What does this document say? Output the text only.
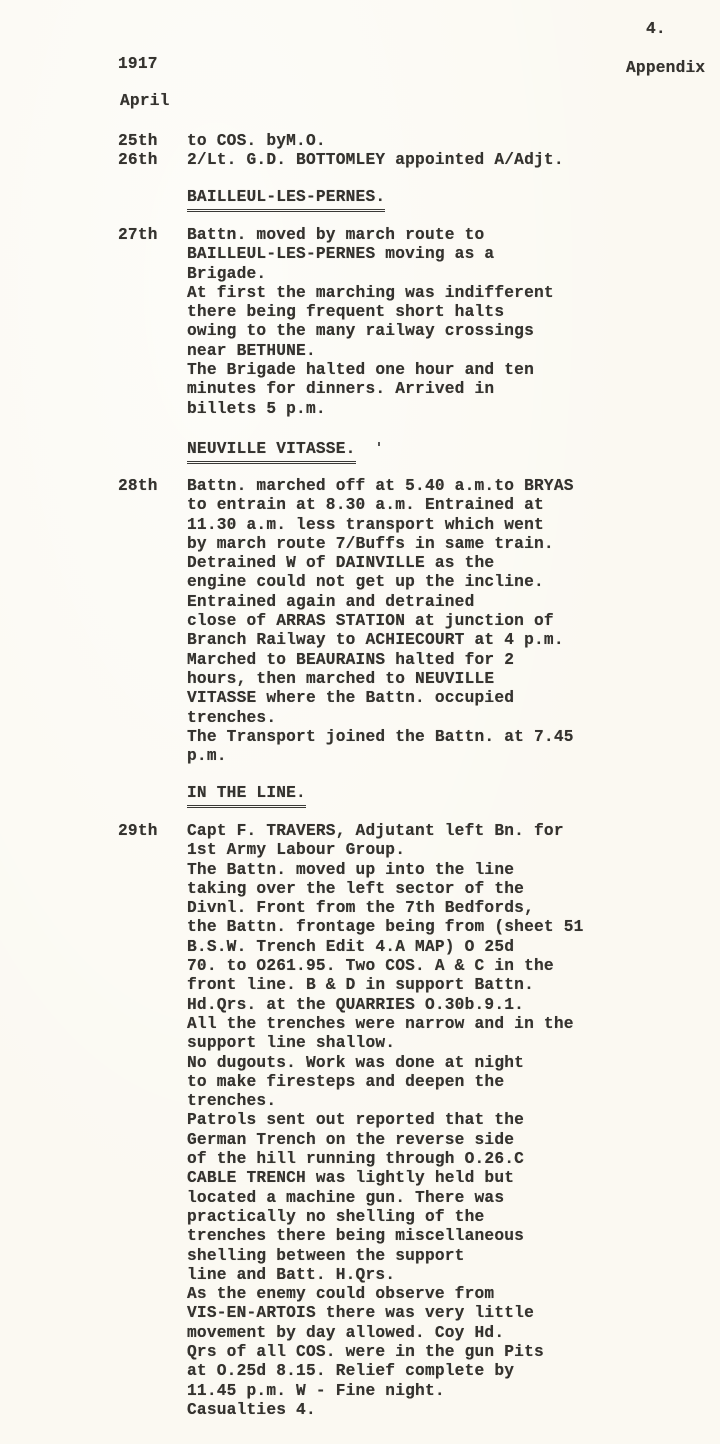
4.
1917	Appendix
April
25th to COS. byM.O.
26th 2/Lt. G.D. BOTTOMLEY appointed A/Adjt.
BAILLEUL-LES-PERNES.
27th Battn. moved by march route to
BAILLEUL-LES-PERNES moving as a
Brigade.
At first the marching was indifferent
there being frequent short halts
owing to the many railway crossings
near BETHUNE.
The Brigade halted one hour and ten
minutes for dinners. Arrived in
billets 5 p.m.
NEUVILLE VITASSE.
28th Battn. marched off at 5.40 a.m.to BRYAS
to entrain at 8.30 a.m. Entrained at
11.30 a.m. less transport which went
by march route 7/Buffs in same train.
Detrained W of DAINVILLE as the
engine could not get up the incline.
Entrained again and detrained
close of ARRAS STATION at junction of
Branch Railway to ACHIECOURT at 4 p.m.
Marched to BEAURAINS halted for 2
hours, then marched to NEUVILLE
VITASSE where the Battn. occupied
trenches.
The Transport joined the Battn. at 7.45
p.m.
IN THE LINE.
29th Capt F. TRAVERS, Adjutant left Bn. for
1st Army Labour Group.
The Battn. moved up into the line
taking over the left sector of the
Divnl. Front from the 7th Bedfords,
the Battn. frontage being from (sheet 51
B.S.W. Trench Edit 4.A MAP) O 25d
70. to O261.95. Two COS. A & C in the
front line. B & D in support Battn.
Hd.Qrs. at the QUARRIES O.30b.9.1.
All the trenches were narrow and in the
support line shallow.
No dugouts. Work was done at night
to make firesteps and deepen the
trenches.
Patrols sent out reported that the
German Trench on the reverse side
of the hill running through O.26.C
CABLE TRENCH was lightly held but
located a machine gun. There was
practically no shelling of the
trenches there being miscellaneous
shelling between the support
line and Batt. H.Qrs.
As the enemy could observe from
VIS-EN-ARTOIS there was very little
movement by day allowed. Coy Hd.
Qrs of all COS. were in the gun Pits
at O.25d 8.15. Relief complete by
11.45 p.m. W - Fine night.
Casualties 4.
